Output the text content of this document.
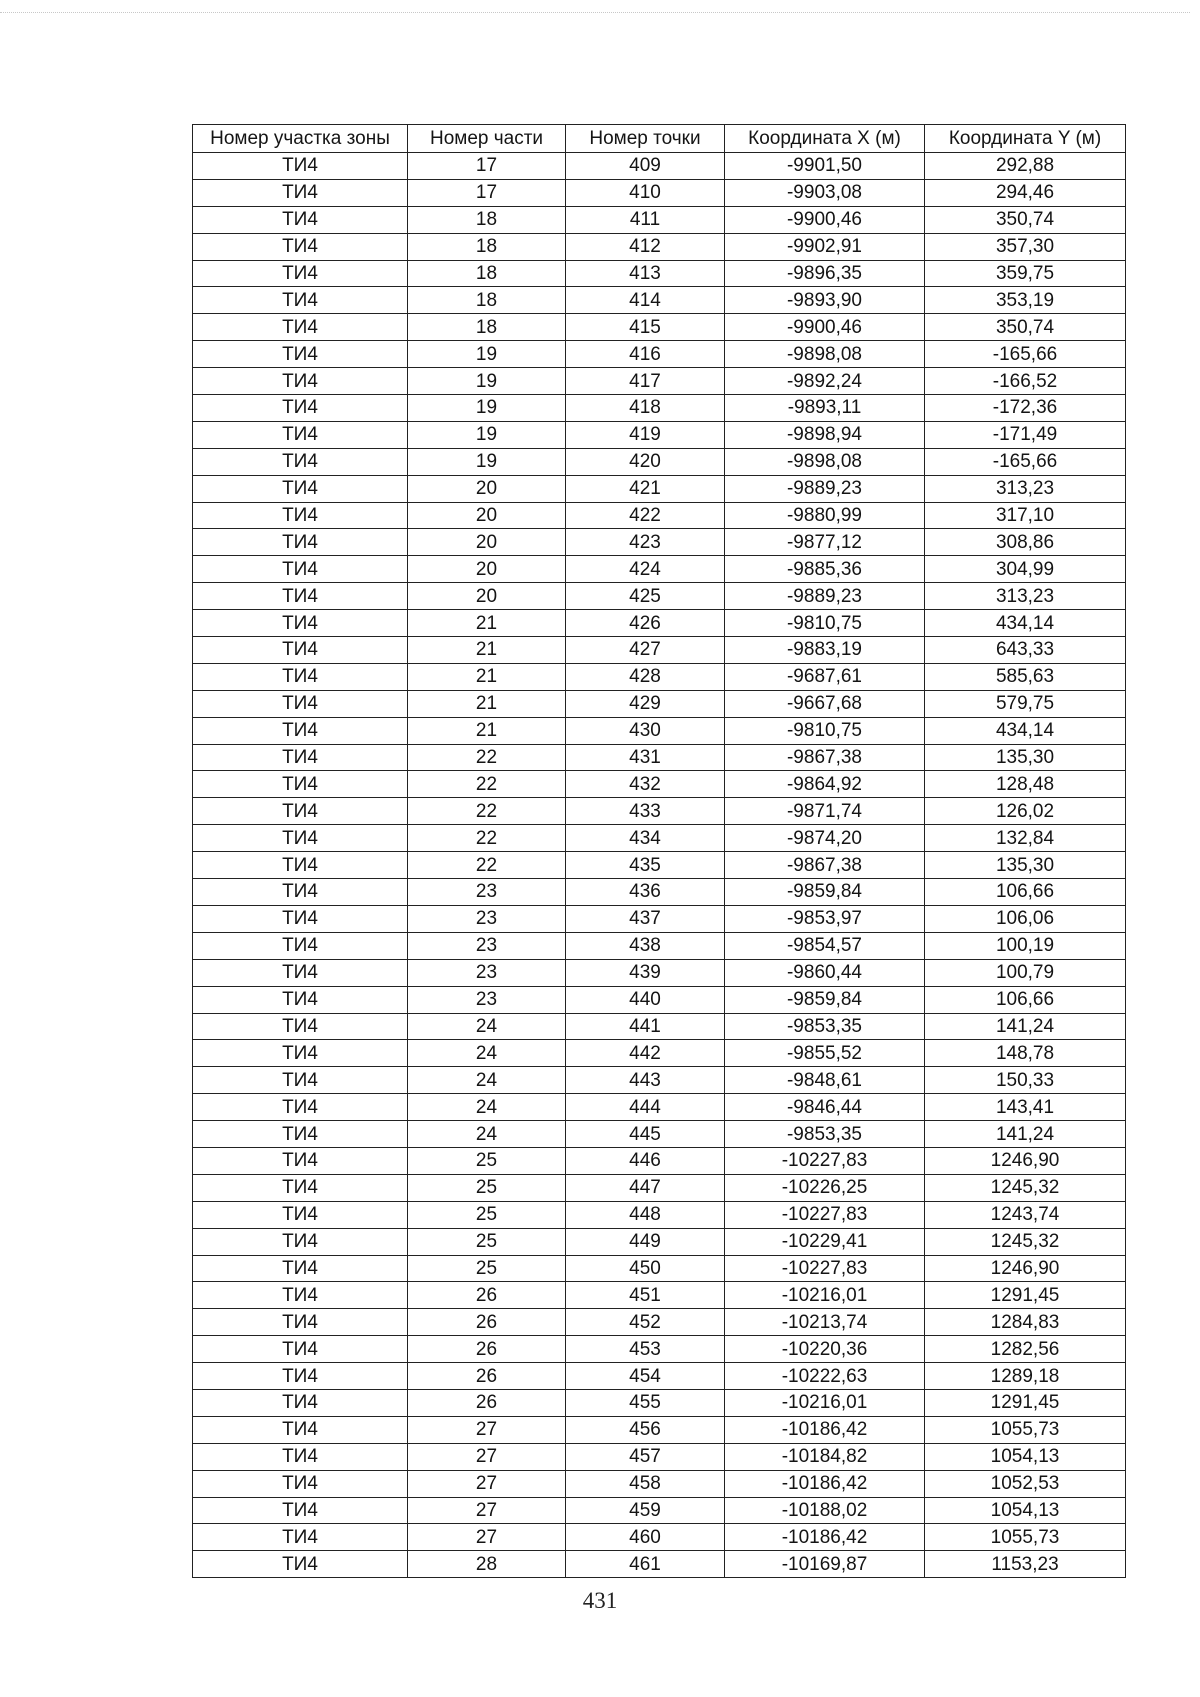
Номер участка зоны	Номер части	Номер точки	Координата X (м)	Координата Y (м)
ТИ4	17	409	-9901,50	292,88
ТИ4	17	410	-9903,08	294,46
ТИ4	18	411	-9900,46	350,74
ТИ4	18	412	-9902,91	357,30
ТИ4	18	413	-9896,35	359,75
ТИ4	18	414	-9893,90	353,19
ТИ4	18	415	-9900,46	350,74
ТИ4	19	416	-9898,08	-165,66
ТИ4	19	417	-9892,24	-166,52
ТИ4	19	418	-9893,11	-172,36
ТИ4	19	419	-9898,94	-171,49
ТИ4	19	420	-9898,08	-165,66
ТИ4	20	421	-9889,23	313,23
ТИ4	20	422	-9880,99	317,10
ТИ4	20	423	-9877,12	308,86
ТИ4	20	424	-9885,36	304,99
ТИ4	20	425	-9889,23	313,23
ТИ4	21	426	-9810,75	434,14
ТИ4	21	427	-9883,19	643,33
ТИ4	21	428	-9687,61	585,63
ТИ4	21	429	-9667,68	579,75
ТИ4	21	430	-9810,75	434,14
ТИ4	22	431	-9867,38	135,30
ТИ4	22	432	-9864,92	128,48
ТИ4	22	433	-9871,74	126,02
ТИ4	22	434	-9874,20	132,84
ТИ4	22	435	-9867,38	135,30
ТИ4	23	436	-9859,84	106,66
ТИ4	23	437	-9853,97	106,06
ТИ4	23	438	-9854,57	100,19
ТИ4	23	439	-9860,44	100,79
ТИ4	23	440	-9859,84	106,66
ТИ4	24	441	-9853,35	141,24
ТИ4	24	442	-9855,52	148,78
ТИ4	24	443	-9848,61	150,33
ТИ4	24	444	-9846,44	143,41
ТИ4	24	445	-9853,35	141,24
ТИ4	25	446	-10227,83	1246,90
ТИ4	25	447	-10226,25	1245,32
ТИ4	25	448	-10227,83	1243,74
ТИ4	25	449	-10229,41	1245,32
ТИ4	25	450	-10227,83	1246,90
ТИ4	26	451	-10216,01	1291,45
ТИ4	26	452	-10213,74	1284,83
ТИ4	26	453	-10220,36	1282,56
ТИ4	26	454	-10222,63	1289,18
ТИ4	26	455	-10216,01	1291,45
ТИ4	27	456	-10186,42	1055,73
ТИ4	27	457	-10184,82	1054,13
ТИ4	27	458	-10186,42	1052,53
ТИ4	27	459	-10188,02	1054,13
ТИ4	27	460	-10186,42	1055,73
ТИ4	28	461	-10169,87	1153,23
431
